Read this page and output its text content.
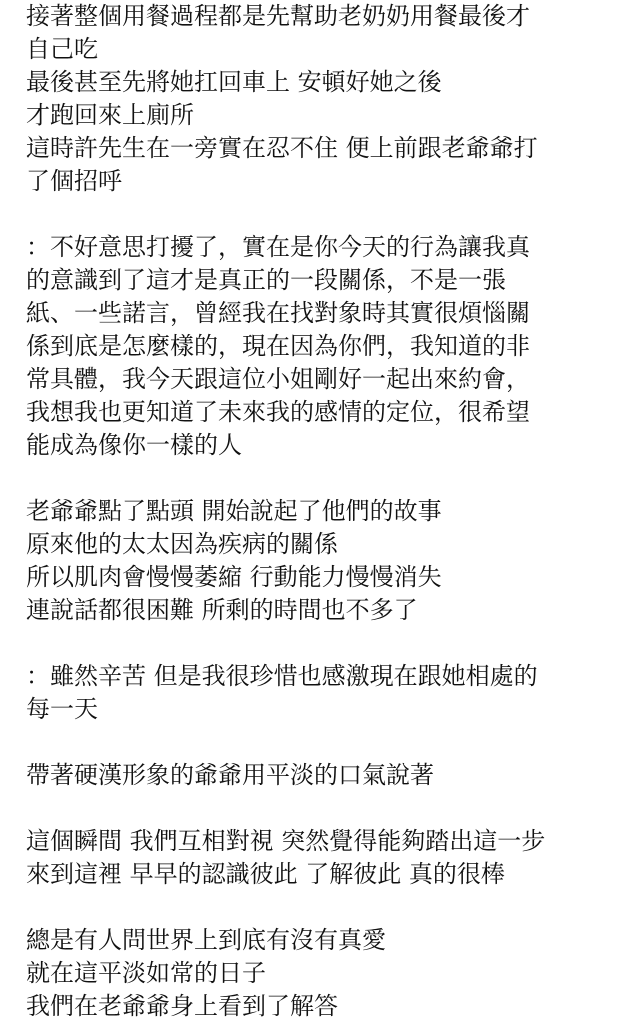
接著整個用餐過程都是先幫助老奶奶用餐最後才
自己吃
最後甚至先將她扛回車上 安頓好她之後
才跑回來上廁所
這時許先生在一旁實在忍不住 便上前跟老爺爺打
了個招呼
：不好意思打擾了，實在是你今天的行為讓我真
的意識到了這才是真正的一段關係，不是一張
紙、一些諾言，曾經我在找對象時其實很煩惱關
係到底是怎麼樣的，現在因為你們，我知道的非
常具體，我今天跟這位小姐剛好一起出來約會，
我想我也更知道了未來我的感情的定位，很希望
能成為像你一樣的人
老爺爺點了點頭 開始說起了他們的故事
原來他的太太因為疾病的關係
所以肌肉會慢慢萎縮 行動能力慢慢消失
連說話都很困難 所剩的時間也不多了
：雖然辛苦 但是我很珍惜也感激現在跟她相處的
每一天
帶著硬漢形象的爺爺用平淡的口氣說著
這個瞬間 我們互相對視 突然覺得能夠踏出這一步
來到這裡 早早的認識彼此 了解彼此 真的很棒
總是有人問世界上到底有沒有真愛
就在這平淡如常的日子
我們在老爺爺身上看到了解答
